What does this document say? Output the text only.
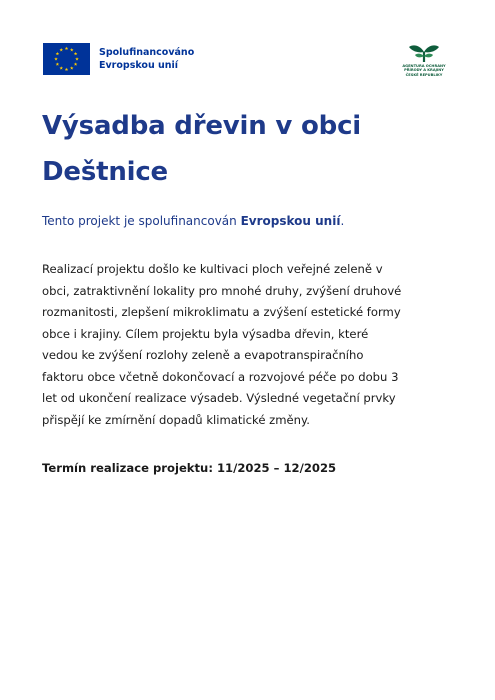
Spolufinancováno
Evropskou unií	AGENTURA OCHRANY
PŘÍRODY A KRAJINY
ČESKÉ REPUBLIKY
Výsadba dřevin v obci
Deštnice

Tento projekt je spolufinancován Evropskou unií.

Realizací projektu došlo ke kultivaci ploch veřejné zeleně v
obci, zatraktivnění lokality pro mnohé druhy, zvýšení druhové
rozmanitosti, zlepšení mikroklimatu a zvýšení estetické formy
obce i krajiny. Cílem projektu byla výsadba dřevin, které
vedou ke zvýšení rozlohy zeleně a evapotranspiračního
faktoru obce včetně dokončovací a rozvojové péče po dobu 3
let od ukončení realizace výsadeb. Výsledné vegetační prvky
přispějí ke zmírnění dopadů klimatické změny.

Termín realizace projektu: 11/2025 – 12/2025
